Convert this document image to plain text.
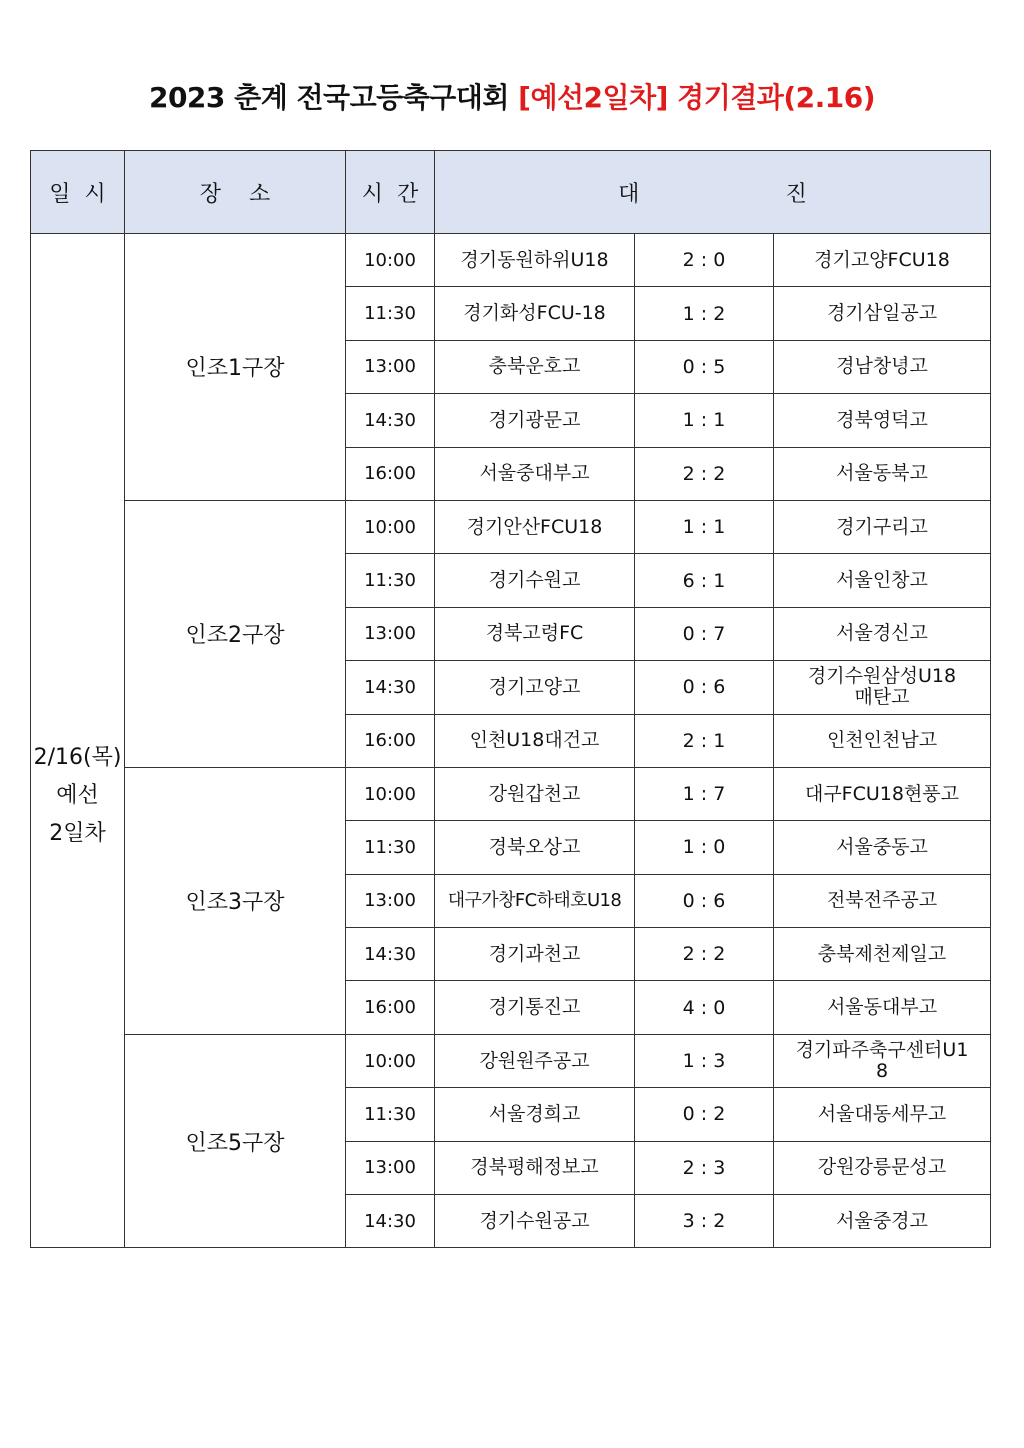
2023 춘계 전국고등축구대회 [예선2일차] 경기결과(2.16)
일  시	장    소	시  간	대 진		

2/16(목)
예선
2일차	인조1구장	10:00	경기동원하위U18	2 : 0	경기고양FCU18
		11:30	경기화성FCU-18	1 : 2	경기삼일공고
		13:00	충북운호고	0 : 5	경남창녕고
		14:30	경기광문고	1 : 1	경북영덕고
		16:00	서울중대부고	2 : 2	서울동북고
	인조2구장	10:00	경기안산FCU18	1 : 1	경기구리고
		11:30	경기수원고	6 : 1	서울인창고
		13:00	경북고령FC	0 : 7	서울경신고
		14:30	경기고양고	0 : 6	경기수원삼성U18
매탄고
		16:00	인천U18대건고	2 : 1	인천인천남고
	인조3구장	10:00	강원갑천고	1 : 7	대구FCU18현풍고
		11:30	경북오상고	1 : 0	서울중동고
		13:00	대구가창FC하태호U18	0 : 6	전북전주공고
		14:30	경기과천고	2 : 2	충북제천제일고
		16:00	경기통진고	4 : 0	서울동대부고
	인조5구장	10:00	강원원주공고	1 : 3	경기파주축구센터U1
8
		11:30	서울경희고	0 : 2	서울대동세무고
		13:00	경북평해정보고	2 : 3	강원강릉문성고
		14:30	경기수원공고	3 : 2	서울중경고
